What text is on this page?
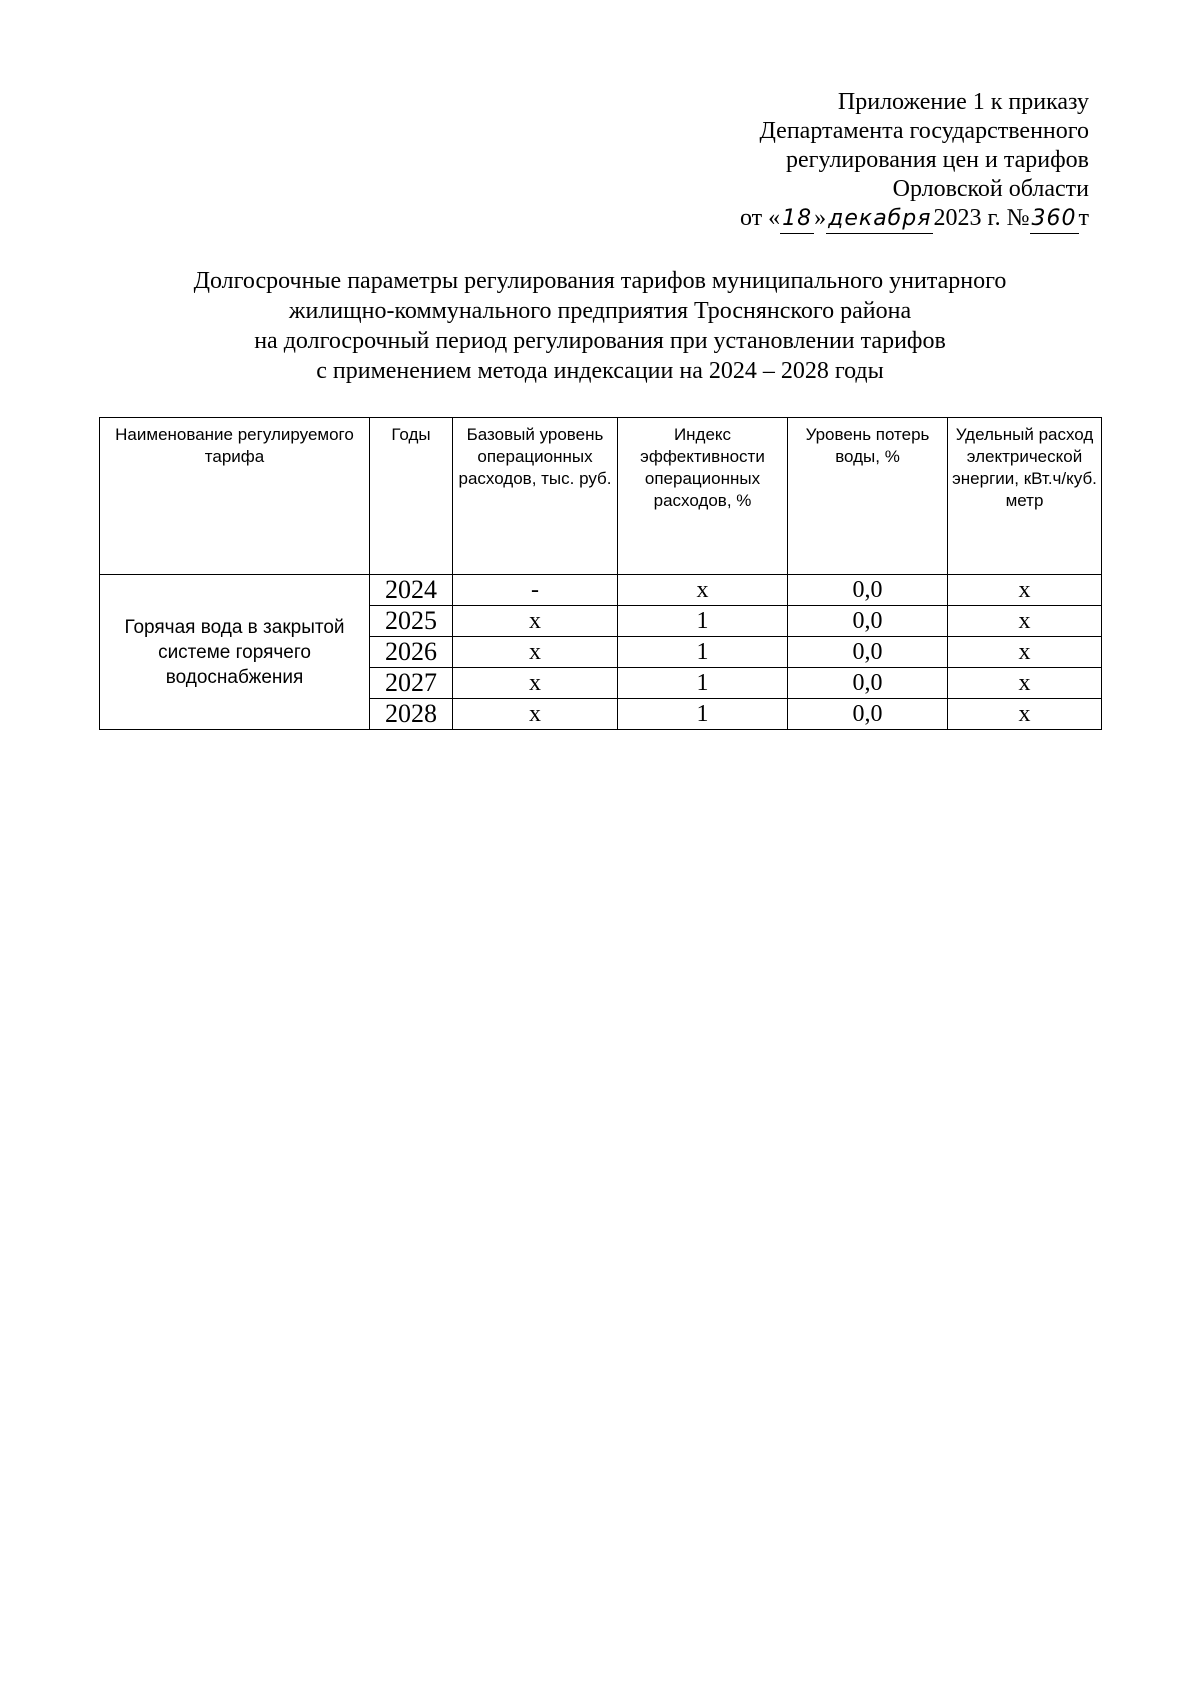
Приложение 1 к приказу
Департамента государственного
регулирования цен и тарифов
Орловской области
от «18»декабря2023 г. №360т
Долгосрочные параметры регулирования тарифов муниципального унитарного
жилищно-коммунального предприятия Троснянского района
на долгосрочный период регулирования при установлении тарифов
с применением метода индексации на 2024 – 2028 годы
Наименование регулируемого тарифа	Годы	Базовый уровень операционных расходов, тыс. руб.	Индекс эффективности операционных расходов, %	Уровень потерь воды, %	Удельный расход электрической энергии, кВт.ч/куб. метр
Горячая вода в закрытой системе горячего водоснабжения	2024	-	х	0,0	х
	2025	х	1	0,0	х
	2026	х	1	0,0	х
	2027	х	1	0,0	х
	2028	х	1	0,0	х
